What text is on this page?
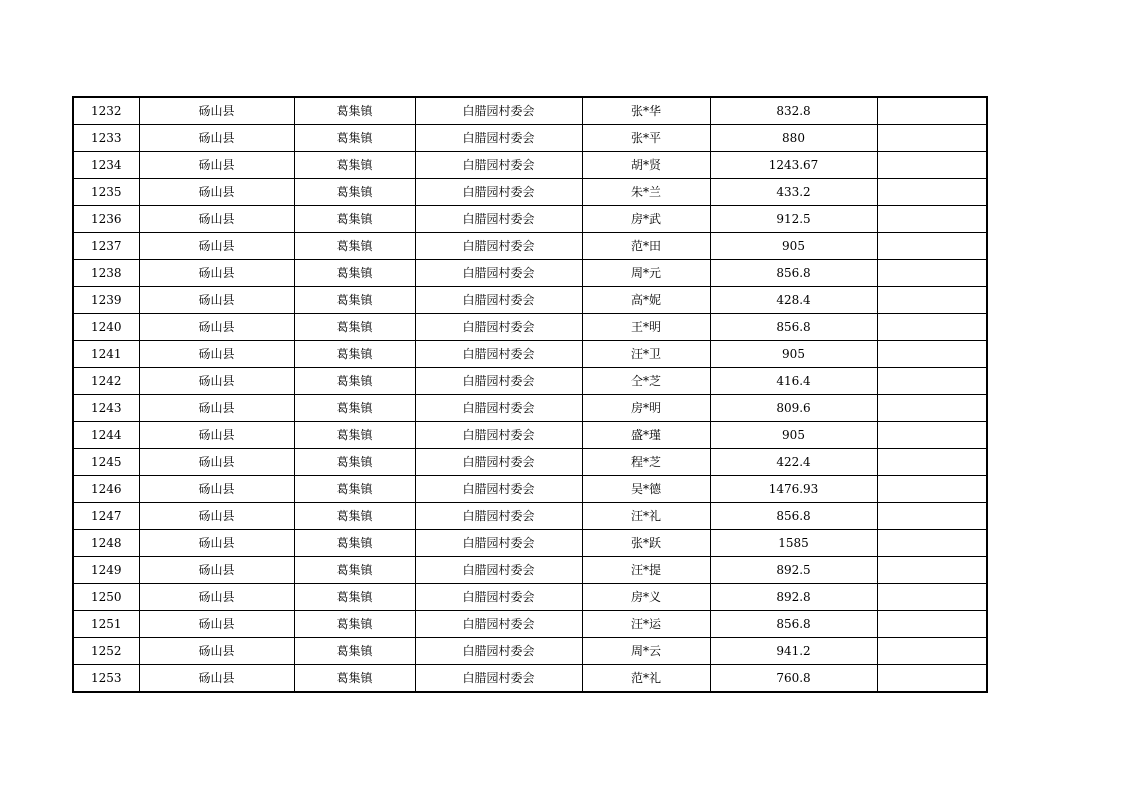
1232	砀山县	葛集镇	白腊园村委会	张*华	832.8	
1233	砀山县	葛集镇	白腊园村委会	张*平	880	
1234	砀山县	葛集镇	白腊园村委会	胡*贤	1243.67	
1235	砀山县	葛集镇	白腊园村委会	朱*兰	433.2	
1236	砀山县	葛集镇	白腊园村委会	房*武	912.5	
1237	砀山县	葛集镇	白腊园村委会	范*田	905	
1238	砀山县	葛集镇	白腊园村委会	周*元	856.8	
1239	砀山县	葛集镇	白腊园村委会	高*妮	428.4	
1240	砀山县	葛集镇	白腊园村委会	王*明	856.8	
1241	砀山县	葛集镇	白腊园村委会	汪*卫	905	
1242	砀山县	葛集镇	白腊园村委会	仝*芝	416.4	
1243	砀山县	葛集镇	白腊园村委会	房*明	809.6	
1244	砀山县	葛集镇	白腊园村委会	盛*瑾	905	
1245	砀山县	葛集镇	白腊园村委会	程*芝	422.4	
1246	砀山县	葛集镇	白腊园村委会	吴*德	1476.93	
1247	砀山县	葛集镇	白腊园村委会	汪*礼	856.8	
1248	砀山县	葛集镇	白腊园村委会	张*跃	1585	
1249	砀山县	葛集镇	白腊园村委会	汪*提	892.5	
1250	砀山县	葛集镇	白腊园村委会	房*义	892.8	
1251	砀山县	葛集镇	白腊园村委会	汪*运	856.8	
1252	砀山县	葛集镇	白腊园村委会	周*云	941.2	
1253	砀山县	葛集镇	白腊园村委会	范*礼	760.8	
